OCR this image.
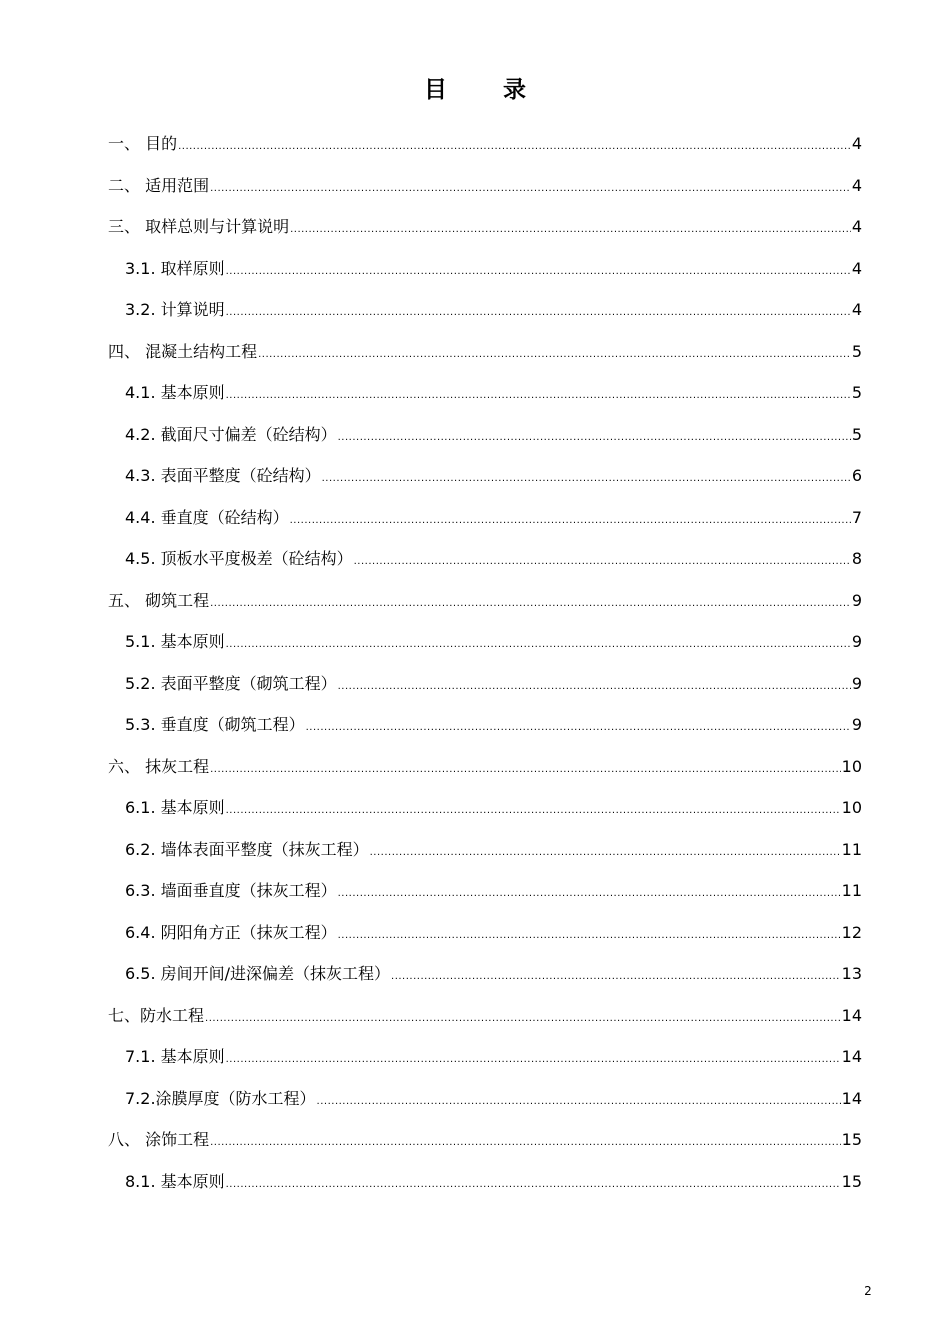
目 录
一、 目的 .....	4
二、 适用范围 .....	4
三、 取样总则与计算说明 .....	4
3.1. 取样原则 .....	4
3.2. 计算说明 .....	4
四、 混凝土结构工程 .....	5
4.1. 基本原则 .....	5
4.2. 截面尺寸偏差（砼结构） .....	5
4.3. 表面平整度（砼结构） .....	6
4.4. 垂直度（砼结构） .....	7
4.5. 顶板水平度极差（砼结构） .....	8
五、 砌筑工程 .....	9
5.1. 基本原则 .....	9
5.2. 表面平整度（砌筑工程） .....	9
5.3. 垂直度（砌筑工程） .....	9
六、 抹灰工程 .....	10
6.1. 基本原则 .....	10
6.2. 墙体表面平整度（抹灰工程） .....	11
6.3. 墙面垂直度（抹灰工程） .....	11
6.4. 阴阳角方正（抹灰工程） .....	12
6.5. 房间开间/进深偏差（抹灰工程） .....	13
七、防水工程 .....	14
7.1. 基本原则 .....	14
7.2.涂膜厚度（防水工程） .....	14
八、 涂饰工程 .....	15
8.1. 基本原则 .....	15
2
